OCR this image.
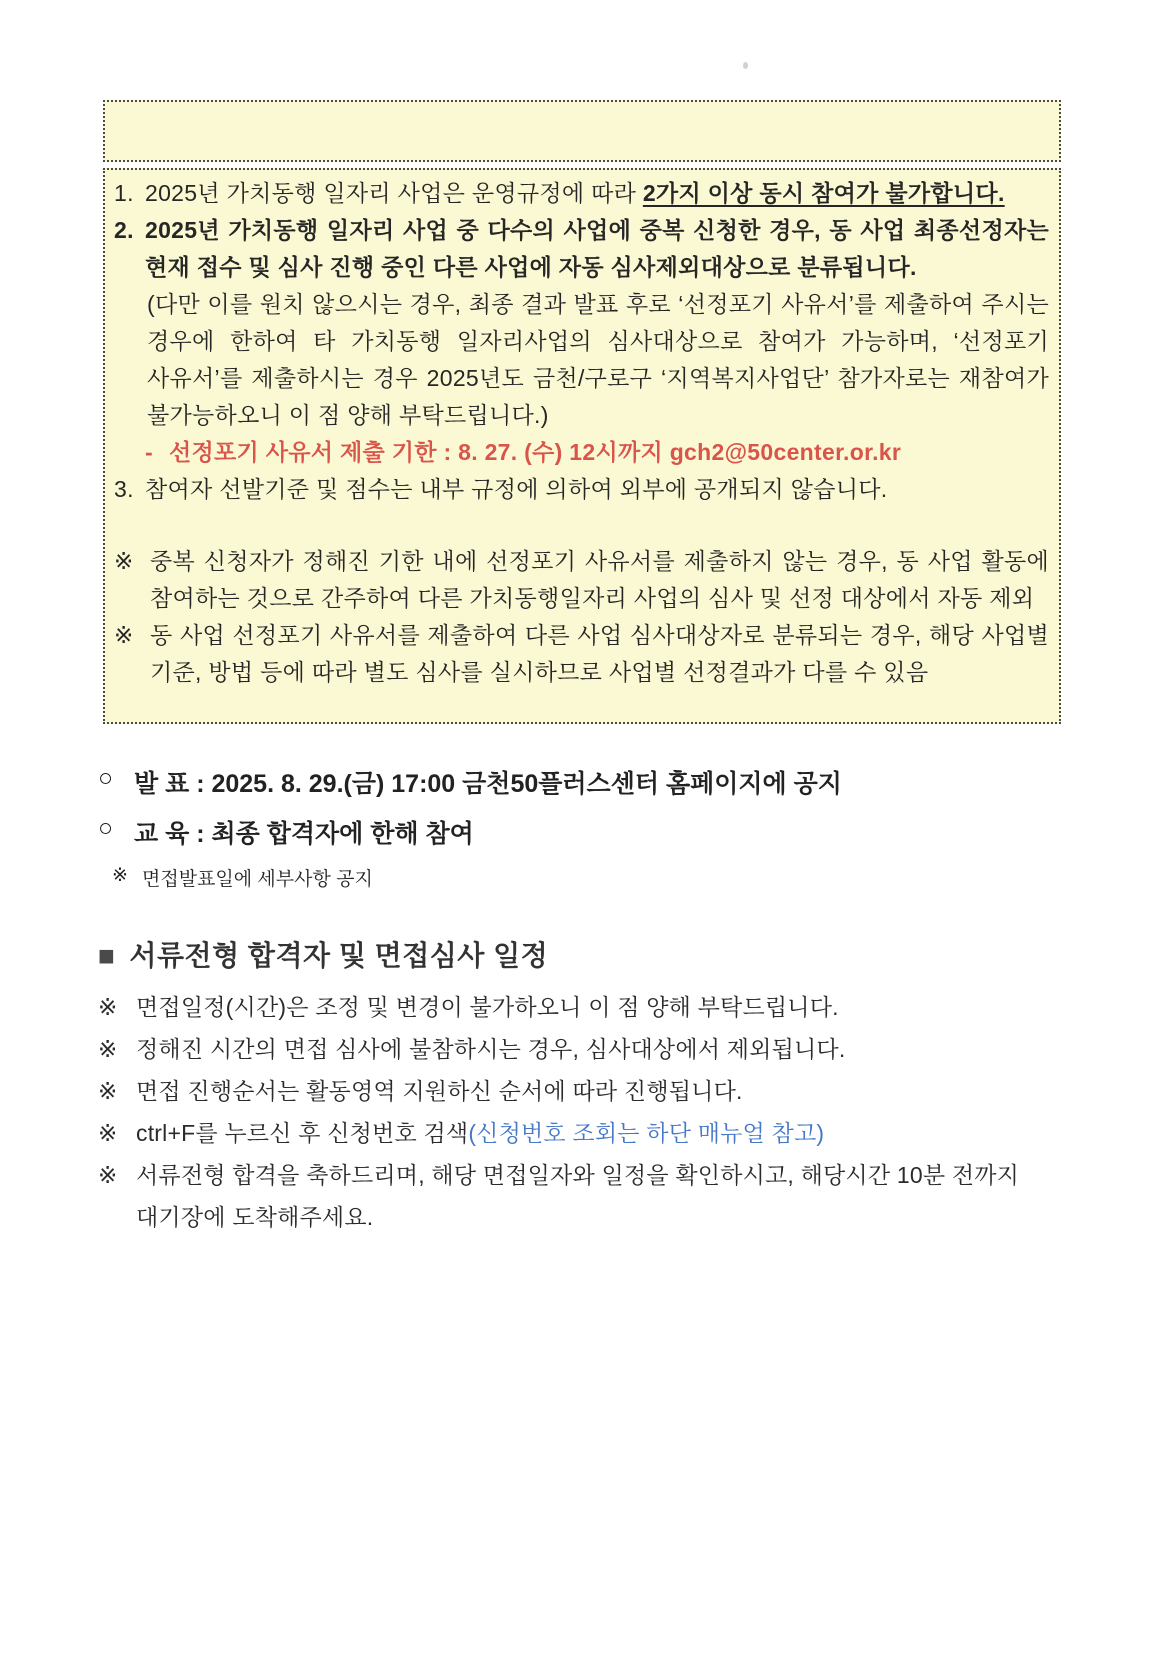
1. 2025년 가치동행 일자리 사업은 운영규정에 따라 2가지 이상 동시 참여가 불가합니다.

2. 2025년 가치동행 일자리 사업 중 다수의 사업에 중복 신청한 경우, 동 사업 최종선정자는 현재 접수 및 심사 진행 중인 다른 사업에 자동 심사제외대상으로 분류됩니다.

(다만 이를 원치 않으시는 경우, 최종 결과 발표 후로 ‘선정포기 사유서’를 제출하여 주시는 경우에 한하여 타 가치동행 일자리사업의 심사대상으로 참여가 가능하며, ‘선정포기 사유서’를 제출하시는 경우 2025년도 금천/구로구 ‘지역복지사업단’ 참가자로는 재참여가 불가능하오니 이 점 양해 부탁드립니다.)

- 선정포기 사유서 제출 기한 : 8. 27. (수) 12시까지 gch2@50center.or.kr

3. 참여자 선발기준 및 점수는 내부 규정에 의하여 외부에 공개되지 않습니다.

※ 중복 신청자가 정해진 기한 내에 선정포기 사유서를 제출하지 않는 경우, 동 사업 활동에 참여하는 것으로 간주하여 다른 가치동행일자리 사업의 심사 및 선정 대상에서 자동 제외

※ 동 사업 선정포기 사유서를 제출하여 다른 사업 심사대상자로 분류되는 경우, 해당 사업별 기준, 방법 등에 따라 별도 심사를 실시하므로 사업별 선정결과가 다를 수 있음

○ 발 표 : 2025. 8. 29.(금) 17:00 금천50플러스센터 홈페이지에 공지

○ 교 육 : 최종 합격자에 한해 참여

※ 면접발표일에 세부사항 공지

■ 서류전형 합격자 및 면접심사 일정

※ 면접일정(시간)은 조정 및 변경이 불가하오니 이 점 양해 부탁드립니다.

※ 정해진 시간의 면접 심사에 불참하시는 경우, 심사대상에서 제외됩니다.

※ 면접 진행순서는 활동영역 지원하신 순서에 따라 진행됩니다.

※ ctrl+F를 누르신 후 신청번호 검색(신청번호 조회는 하단 매뉴얼 참고)

※ 서류전형 합격을 축하드리며, 해당 면접일자와 일정을 확인하시고, 해당시간 10분 전까지 대기장에 도착해주세요.
